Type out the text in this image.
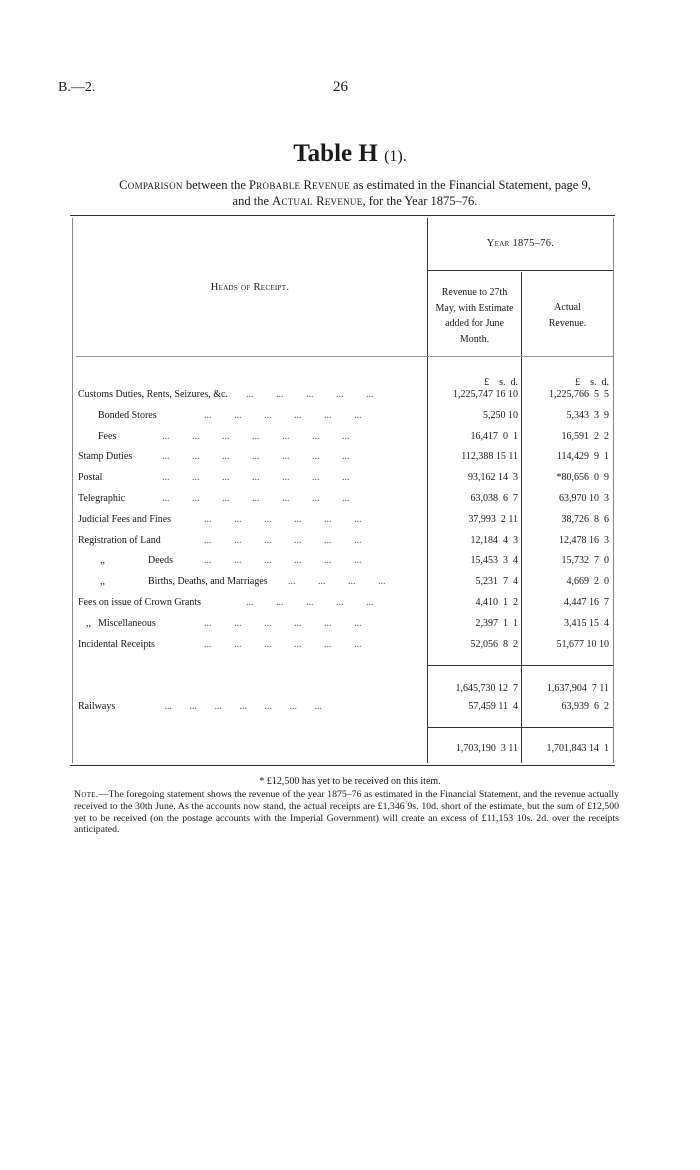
B.—2.	26
Table H (1).
Comparison between the Probable Revenue as estimated in the Financial Statement, page 9,
and the Actual Revenue, for the Year 1875–76.
Heads of Receipt.
Year 1875–76.
Revenue to 27th
May, with Estimate
added for June
Month.
Actual
Revenue.
£    s.  d.	£    s.  d.
Customs Duties, Rents, Seizures, &c.	1,225,747 16 10	1,225,766  5  5
...         ...         ...         ...         ...
Bonded Stores	5,250 10	5,343  3  9
...         ...         ...         ...         ...         ...
Fees	16,417  0  1	16,591  2  2
...         ...         ...         ...         ...         ...         ...
Stamp Duties	112,388 15 11	114,429  9  1
...         ...         ...         ...         ...         ...         ...
Postal	93,162 14  3	*80,656  0  9
...         ...         ...         ...         ...         ...         ...
Telegraphic	63,038  6  7	63,970 10  3
...         ...         ...         ...         ...         ...         ...
Judicial Fees and Fines	37,993  2 11	38,726  8  6
...         ...         ...         ...         ...         ...
Registration of Land	12,184  4  3	12,478 16  3
...         ...         ...         ...         ...         ...
,,	Deeds	15,453  3  4	15,732  7  0
...         ...         ...         ...         ...         ...
,,	Births, Deaths, and Marriages	5,231  7  4	4,669  2  0
...         ...         ...         ...
Fees on issue of Crown Grants	4,410  1  2	4,447 16  7
...         ...         ...         ...         ...
,, Miscellaneous	2,397  1  1	3,415 15  4
...         ...         ...         ...         ...         ...
Incidental Receipts	52,056  8  2	51,677 10 10
...         ...         ...         ...         ...         ...
1,645,730 12  7	1,637,904  7 11
Railways	...       ...       ...       ...       ...       ...       ...	57,459 11  4	63,939  6  2
1,703,190  3 11	1,701,843 14  1
* £12,500 has yet to be received on this item.
Note.—The foregoing statement shows the revenue of the year 1875–76 as estimated in the Financial Statement, and the revenue actually received to the 30th June. As the accounts now stand, the actual receipts are £1,346 9s. 10d. short of the estimate, but the sum of £12,500 yet to be received (on the postage accounts with the Imperial Government) will create an excess of £11,153 10s. 2d. over the receipts anticipated.
